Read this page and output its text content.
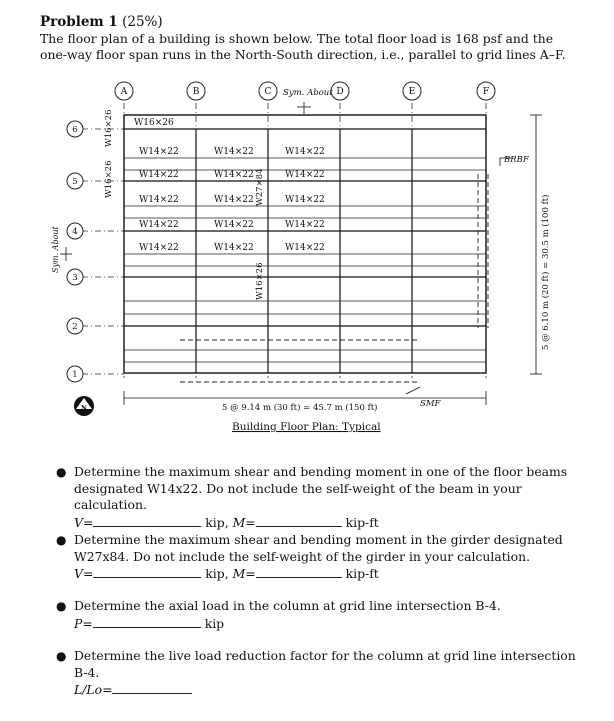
Problem 1 (25%)
The floor plan of a building is shown below. The total floor load is 168 psf and the one-way floor span runs in the North-South direction, i.e., parallel to grid lines A–F.
A	B	C	D	E	F
6
5
4
3
2
1
Sym. About
Sym. About
W16×26
W16×26
W16×26
W27×84
W16×26
W14×22	W14×22	W14×22
W14×22	W14×22	W14×22
W14×22	W14×22	W14×22
W14×22	W14×22	W14×22
W14×22	W14×22	W14×22
BRBF
5 @ 6.10 m (20 ft) = 30.5 m (100 ft)
5 @ 9.14 m (30 ft) = 45.7 m (150 ft)	SMF
N
Building Floor Plan: Typical
● Determine the maximum shear and bending moment in one of the floor beams designated W14x22. Do not include the self-weight of the beam in your calculation.
V=	kip, M=	kip-ft
● Determine the maximum shear and bending moment in the girder designated W27x84. Do not include the self-weight of the girder in your calculation.
V=	kip, M=	kip-ft
● Determine the axial load in the column at grid line intersection B-4.
P=	kip
● Determine the live load reduction factor for the column at grid line intersection B-4.
L/Lo=
